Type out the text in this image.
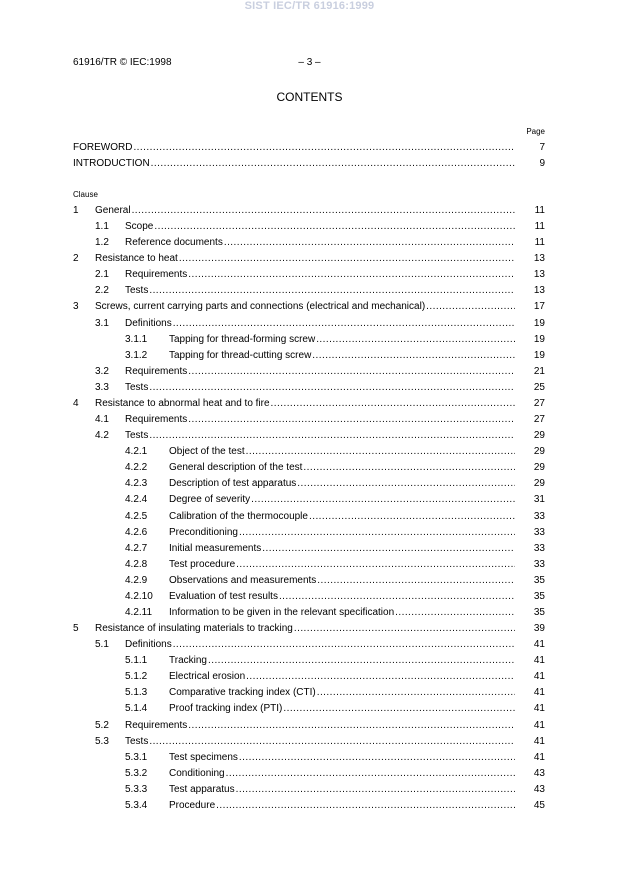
SIST IEC/TR 61916:1999
61916/TR © IEC:1998	– 3 –
CONTENTS
Page
Clause
FOREWORD .....	7
INTRODUCTION .....	9
1 General .....	11
1.1 Scope .....	11
1.2 Reference documents .....	11
2 Resistance to heat .....	13
2.1 Requirements .....	13
2.2 Tests .....	13
3 Screws, current carrying parts and connections (electrical and mechanical) .....	17
3.1 Definitions .....	19
3.1.1 Tapping for thread-forming screw .....	19
3.1.2 Tapping for thread-cutting screw .....	19
3.2 Requirements .....	21
3.3 Tests .....	25
4 Resistance to abnormal heat and to fire .....	27
4.1 Requirements .....	27
4.2 Tests .....	29
4.2.1 Object of the test .....	29
4.2.2 General description of the test .....	29
4.2.3 Description of test apparatus .....	29
4.2.4 Degree of severity .....	31
4.2.5 Calibration of the thermocouple .....	33
4.2.6 Preconditioning .....	33
4.2.7 Initial measurements .....	33
4.2.8 Test procedure .....	33
4.2.9 Observations and measurements .....	35
4.2.10 Evaluation of test results .....	35
4.2.11 Information to be given in the relevant specification .....	35
5 Resistance of insulating materials to tracking .....	39
5.1 Definitions .....	41
5.1.1 Tracking .....	41
5.1.2 Electrical erosion .....	41
5.1.3 Comparative tracking index (CTI) .....	41
5.1.4 Proof tracking index (PTI) .....	41
5.2 Requirements .....	41
5.3 Tests .....	41
5.3.1 Test specimens .....	41
5.3.2 Conditioning .....	43
5.3.3 Test apparatus .....	43
5.3.4 Procedure .....	45
